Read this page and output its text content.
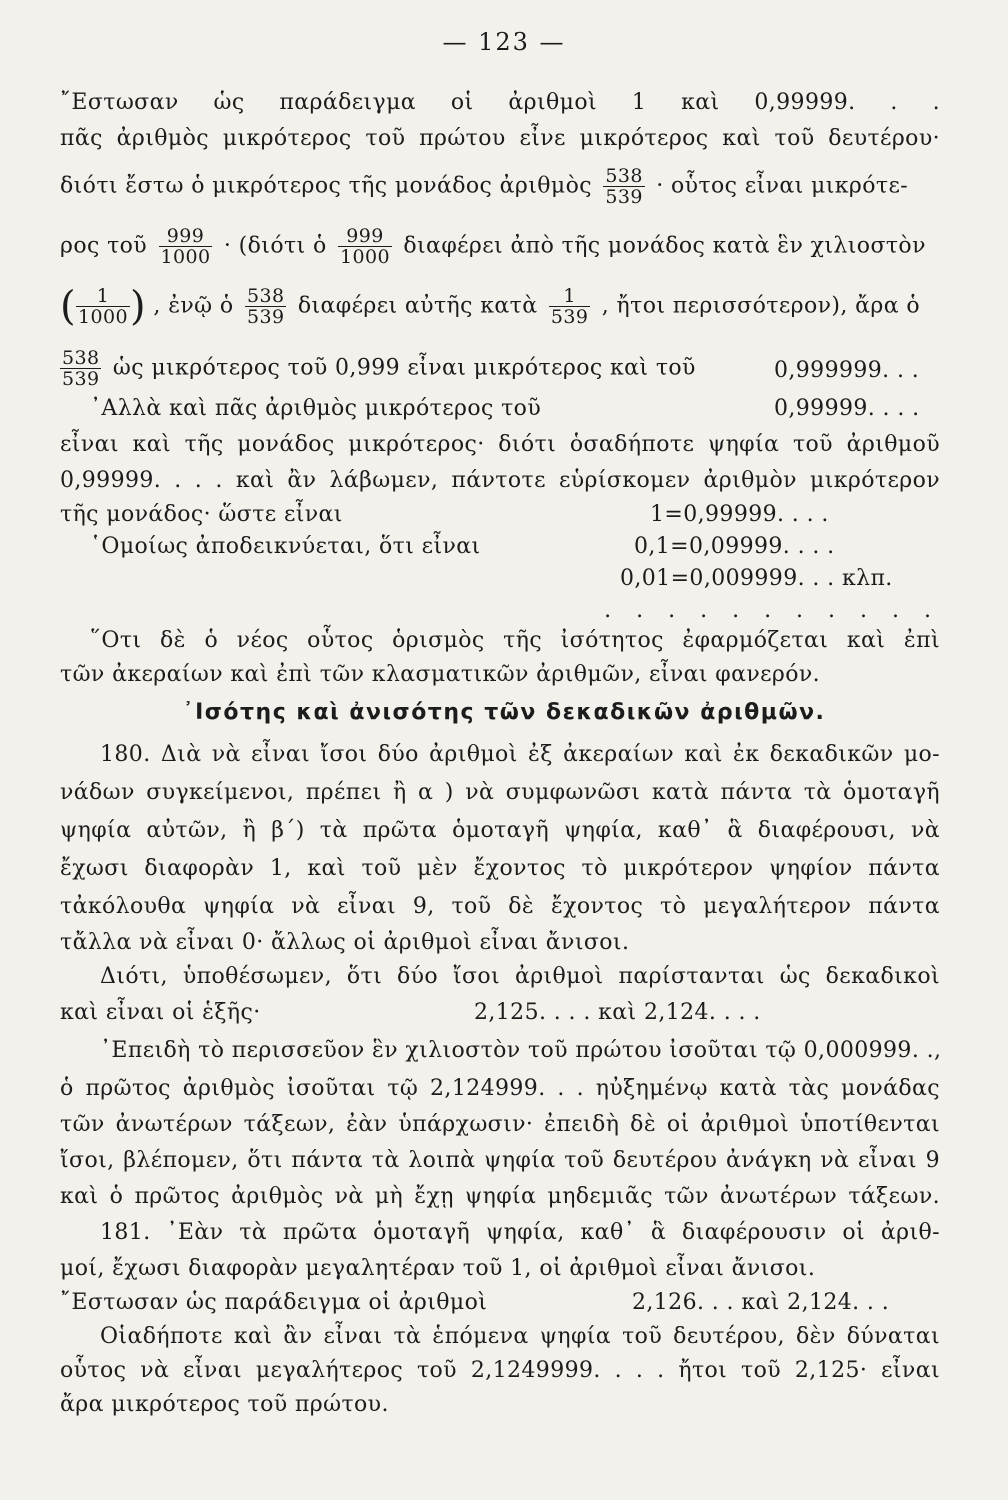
— 123 —
῎Εστωσαν ὡς παράδειγμα οἱ ἀριθμοὶ 1 καὶ 0,99999. . .
πᾶς ἀριθμὸς μικρότερος τοῦ πρώτου εἶνε μικρότερος καὶ τοῦ δευτέρου·
διότι ἔστω ὁ μικρότερος τῆς μονάδος ἀριθμὸς $\frac{538}{539}$ · οὗτος εἶναι μικρότε-
ρος τοῦ $\frac{999}{1000} \cdot (\delta\iota ό\tau\iota$ ὁ $\frac{999}{1000}$ διαφέρει ἀπὸ τῆς μονάδος κατὰ ἓν χιλιοστὸν
( $\frac{1}{1000}$ ) , ἐνῷ ὁ $\frac{538}{539}$ διαφέρει αὐτῆς κατὰ $\frac{1}{539}$ , ἤτοι περισσότερον), ἄρα ὁ
$\frac{538}{539}$ ὡς μικρότερος τοῦ 0,999 εἶναι μικρότερος καὶ τοῦ	0,999999. . .
᾿Αλλὰ καὶ πᾶς ἀριθμὸς μικρότερος τοῦ	0,99999. . . .
εἶναι καὶ τῆς μονάδος μικρότερος· διότι ὁσαδήποτε ψηφία τοῦ ἀριθμοῦ
0,99999. . . . καὶ ἂν λάβωμεν, πάντοτε εὑρίσκομεν ἀριθμὸν μικρότερον
τῆς μονάδος· ὥστε εἶναι	1=0,99999. . . .
῾Ομοίως ἀποδεικνύεται, ὅτι εἶναι	0,1=0,09999. . . .
0,01=0,009999. . . κλπ.
. . . . . . . . . . .
῞Οτι δὲ ὁ νέος οὗτος ὁρισμὸς τῆς ἰσότητος ἐφαρμόζεται καὶ ἐπὶ
τῶν ἀκεραίων καὶ ἐπὶ τῶν κλασματικῶν ἀριθμῶν, εἶναι φανερόν.
᾿Ισότης καὶ ἀνισότης τῶν δεκαδικῶν ἀριθμῶν.
180. Διὰ νὰ εἶναι ἴσοι δύο ἀριθμοὶ ἐξ ἀκεραίων καὶ ἐκ δεκαδικῶν μο-
νάδων συγκείμενοι, πρέπει ἢ α ) νὰ συμφωνῶσι κατὰ πάντα τὰ ὁμοταγῆ
ψηφία αὐτῶν, ἢ β΄) τὰ πρῶτα ὁμοταγῆ ψηφία, καθ᾿ ἃ διαφέρουσι, νὰ
ἔχωσι διαφορὰν 1, καὶ τοῦ μὲν ἔχοντος τὸ μικρότερον ψηφίον πάντα
τἀκόλουθα ψηφία νὰ εἶναι 9, τοῦ δὲ ἔχοντος τὸ μεγαλήτερον πάντα
τἄλλα νὰ εἶναι 0· ἄλλως οἱ ἀριθμοὶ εἶναι ἄνισοι.
Διότι, ὑποθέσωμεν, ὅτι δύο ἴσοι ἀριθμοὶ παρίστανται ὡς δεκαδικοὶ
καὶ εἶναι οἱ ἑξῆς·	2,125. . . . καὶ 2,124. . . .
᾿Επειδὴ τὸ περισσεῦον ἓν χιλιοστὸν τοῦ πρώτου ἰσοῦται τῷ 0,000999. .,
ὁ πρῶτος ἀριθμὸς ἰσοῦται τῷ 2,124999. . . ηὐξημένῳ κατὰ τὰς μονάδας
τῶν ἀνωτέρων τάξεων, ἐὰν ὑπάρχωσιν· ἐπειδὴ δὲ οἱ ἀριθμοὶ ὑποτίθενται
ἴσοι, βλέπομεν, ὅτι πάντα τὰ λοιπὰ ψηφία τοῦ δευτέρου ἀνάγκη νὰ εἶναι 9
καὶ ὁ πρῶτος ἀριθμὸς νὰ μὴ ἔχῃ ψηφία μηδεμιᾶς τῶν ἀνωτέρων τάξεων.
181. ᾿Εὰν τὰ πρῶτα ὁμοταγῆ ψηφία, καθ᾿ ἃ διαφέρουσιν οἱ ἀριθ-
μοί, ἔχωσι διαφορὰν μεγαλητέραν τοῦ 1, οἱ ἀριθμοὶ εἶναι ἄνισοι.
῎Εστωσαν ὡς παράδειγμα οἱ ἀριθμοὶ	2,126. . . καὶ 2,124. . .
Οἱαδήποτε καὶ ἂν εἶναι τὰ ἑπόμενα ψηφία τοῦ δευτέρου, δὲν δύναται
οὗτος νὰ εἶναι μεγαλήτερος τοῦ 2,1249999. . . . ἤτοι τοῦ 2,125· εἶναι
ἄρα μικρότερος τοῦ πρώτου.
